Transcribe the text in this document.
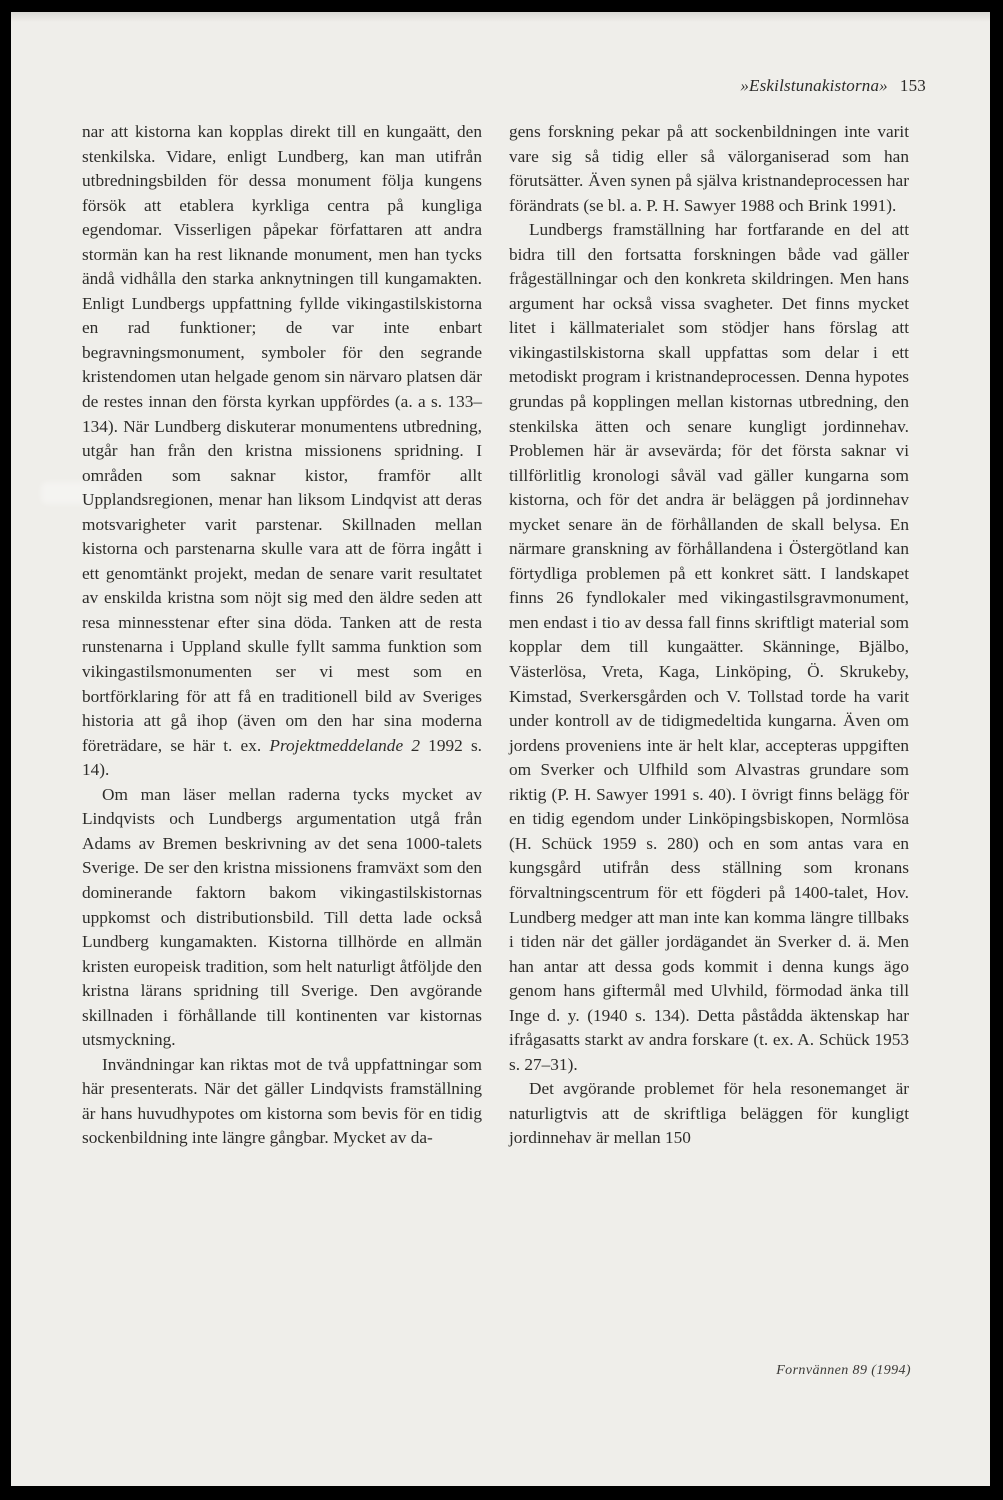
»Eskilstunakistorna» 153

nar att kistorna kan kopplas direkt till en kungaätt, den stenkilska. Vidare, enligt Lundberg, kan man utifrån utbredningsbilden för dessa monument följa kungens försök att etablera kyrkliga centra på kungliga egendomar. Visserligen påpekar författaren att andra stormän kan ha rest liknande monument, men han tycks ändå vidhålla den starka anknytningen till kungamakten. Enligt Lundbergs uppfattning fyllde vikingastilskistorna en rad funktioner; de var inte enbart begravningsmonument, symboler för den segrande kristendomen utan helgade genom sin närvaro platsen där de restes innan den första kyrkan uppfördes (a. a s. 133–134). När Lundberg diskuterar monumentens utbredning, utgår han från den kristna missionens spridning. I områden som saknar kistor, framför allt Upplandsregionen, menar han liksom Lindqvist att deras motsvarigheter varit parstenar. Skillnaden mellan kistorna och parstenarna skulle vara att de förra ingått i ett genomtänkt projekt, medan de senare varit resultatet av enskilda kristna som nöjt sig med den äldre seden att resa minnesstenar efter sina döda. Tanken att de resta runstenarna i Uppland skulle fyllt samma funktion som vikingastilsmonumenten ser vi mest som en bortförklaring för att få en traditionell bild av Sveriges historia att gå ihop (även om den har sina moderna företrädare, se här t. ex. Projektmeddelande 2 1992 s. 14).

Om man läser mellan raderna tycks mycket av Lindqvists och Lundbergs argumentation utgå från Adams av Bremen beskrivning av det sena 1000-talets Sverige. De ser den kristna missionens framväxt som den dominerande faktorn bakom vikingastilskistornas uppkomst och distributionsbild. Till detta lade också Lundberg kungamakten. Kistorna tillhörde en allmän kristen europeisk tradition, som helt naturligt åtföljde den kristna lärans spridning till Sverige. Den avgörande skillnaden i förhållande till kontinenten var kistornas utsmyckning.

Invändningar kan riktas mot de två uppfattningar som här presenterats. När det gäller Lindqvists framställning är hans huvudhypotes om kistorna som bevis för en tidig sockenbildning inte längre gångbar. Mycket av da-

gens forskning pekar på att sockenbildningen inte varit vare sig så tidig eller så välorganiserad som han förutsätter. Även synen på själva kristnandeprocessen har förändrats (se bl. a. P. H. Sawyer 1988 och Brink 1991).

Lundbergs framställning har fortfarande en del att bidra till den fortsatta forskningen både vad gäller frågeställningar och den konkreta skildringen. Men hans argument har också vissa svagheter. Det finns mycket litet i källmaterialet som stödjer hans förslag att vikingastilskistorna skall uppfattas som delar i ett metodiskt program i kristnandeprocessen. Denna hypotes grundas på kopplingen mellan kistornas utbredning, den stenkilska ätten och senare kungligt jordinnehav. Problemen här är avsevärda; för det första saknar vi tillförlitlig kronologi såväl vad gäller kungarna som kistorna, och för det andra är beläggen på jordinnehav mycket senare än de förhållanden de skall belysa. En närmare granskning av förhållandena i Östergötland kan förtydliga problemen på ett konkret sätt. I landskapet finns 26 fyndlokaler med vikingastilsgravmonument, men endast i tio av dessa fall finns skriftligt material som kopplar dem till kungaätter. Skänninge, Bjälbo, Västerlösa, Vreta, Kaga, Linköping, Ö. Skrukeby, Kimstad, Sverkersgården och V. Tollstad torde ha varit under kontroll av de tidigmedeltida kungarna. Även om jordens proveniens inte är helt klar, accepteras uppgiften om Sverker och Ulfhild som Alvastras grundare som riktig (P. H. Sawyer 1991 s. 40). I övrigt finns belägg för en tidig egendom under Linköpingsbiskopen, Normlösa (H. Schück 1959 s. 280) och en som antas vara en kungsgård utifrån dess ställning som kronans förvaltningscentrum för ett fögderi på 1400-talet, Hov. Lundberg medger att man inte kan komma längre tillbaks i tiden när det gäller jordägandet än Sverker d. ä. Men han antar att dessa gods kommit i denna kungs ägo genom hans giftermål med Ulvhild, förmodad änka till Inge d. y. (1940 s. 134). Detta påstådda äktenskap har ifrågasatts starkt av andra forskare (t. ex. A. Schück 1953 s. 27–31).

Det avgörande problemet för hela resonemanget är naturligtvis att de skriftliga beläggen för kungligt jordinnehav är mellan 150

Fornvännen 89 (1994)
